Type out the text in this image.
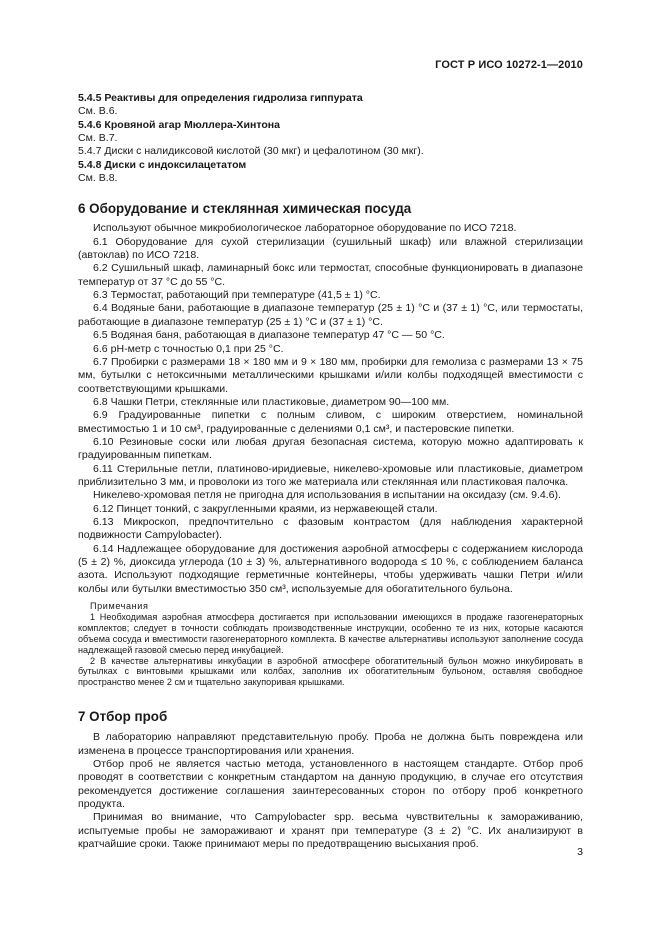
ГОСТ Р ИСО 10272-1—2010

5.4.5 Реактивы для определения гидролиза гиппурата

См. В.6.

5.4.6 Кровяной агар Мюллера-Хинтона

См. В.7.

5.4.7 Диски с налидиксовой кислотой (30 мкг) и цефалотином (30 мкг).

5.4.8 Диски с индоксилацетатом

См. В.8.

6 Оборудование и стеклянная химическая посуда

Используют обычное микробиологическое лабораторное оборудование по ИСО 7218.

6.1 Оборудование для сухой стерилизации (сушильный шкаф) или влажной стерилизации (автоклав) по ИСО 7218.

6.2 Сушильный шкаф, ламинарный бокс или термостат, способные функционировать в диапазоне температур от 37 °С до 55 °С.

6.3 Термостат, работающий при температуре (41,5 ± 1) °С.

6.4 Водяные бани, работающие в диапазоне температур (25 ± 1) °С и (37 ± 1) °С, или термостаты, работающие в диапазоне температур (25 ± 1) °С и (37 ± 1) °С.

6.5 Водяная баня, работающая в диапазоне температур 47 °С — 50 °С.

6.6 рН-метр с точностью 0,1 при 25 °С.

6.7 Пробирки с размерами 18 × 180 мм и 9 × 180 мм, пробирки для гемолиза с размерами 13 × 75 мм, бутылки с нетоксичными металлическими крышками и/или колбы подходящей вместимости с соответствующими крышками.

6.8 Чашки Петри, стеклянные или пластиковые, диаметром 90—100 мм.

6.9 Градуированные пипетки с полным сливом, с широким отверстием, номинальной вместимостью 1 и 10 см³, градуированные с делениями 0,1 см³, и пастеровские пипетки.

6.10 Резиновые соски или любая другая безопасная система, которую можно адаптировать к градуированным пипеткам.

6.11 Стерильные петли, платиново-иридиевые, никелево-хромовые или пластиковые, диаметром приблизительно 3 мм, и проволоки из того же материала или стеклянная или пластиковая палочка.

Никелево-хромовая петля не пригодна для использования в испытании на оксидазу (см. 9.4.6).

6.12 Пинцет тонкий, с закругленными краями, из нержавеющей стали.

6.13 Микроскоп, предпочтительно с фазовым контрастом (для наблюдения характерной подвижности Campylobacter).

6.14 Надлежащее оборудование для достижения аэробной атмосферы с содержанием кислорода (5 ± 2) %, диоксида углерода (10 ± 3) %, альтернативного водорода ≤ 10 %, с соблюдением баланса азота. Используют подходящие герметичные контейнеры, чтобы удерживать чашки Петри и/или колбы или бутылки вместимостью 350 см³, используемые для обогатительного бульона.

Примечания

1 Необходимая аэробная атмосфера достигается при использовании имеющихся в продаже газогенераторных комплектов; следует в точности соблюдать производственные инструкции, особенно те из них, которые касаются объема сосуда и вместимости газогенераторного комплекта. В качестве альтернативы используют заполнение сосуда надлежащей газовой смесью перед инкубацией.

2 В качестве альтернативы инкубации в аэробной атмосфере обогатительный бульон можно инкубировать в бутылках с винтовыми крышками или колбах, заполнив их обогатительным бульоном, оставляя свободное пространство менее 2 см и тщательно закупоривая крышками.

7 Отбор проб

В лабораторию направляют представительную пробу. Проба не должна быть повреждена или изменена в процессе транспортирования или хранения.

Отбор проб не является частью метода, установленного в настоящем стандарте. Отбор проб проводят в соответствии с конкретным стандартом на данную продукцию, в случае его отсутствия рекомендуется достижение соглашения заинтересованных сторон по отбору проб конкретного продукта.

Принимая во внимание, что Campylobacter spp. весьма чувствительны к замораживанию, испытуемые пробы не замораживают и хранят при температуре (3 ± 2) °С. Их анализируют в кратчайшие сроки. Также принимают меры по предотвращению высыхания проб.

3
